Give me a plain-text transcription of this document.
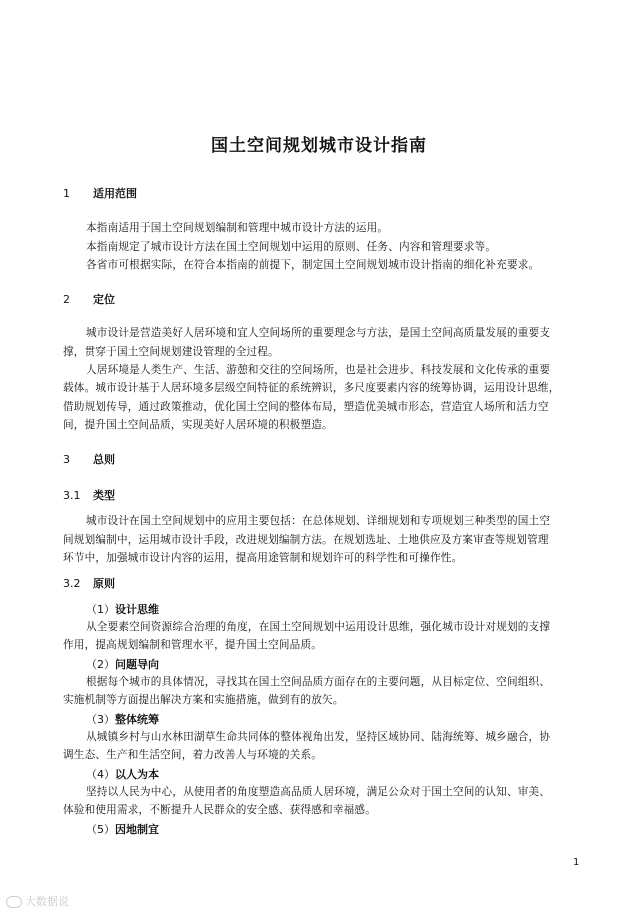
国土空间规划城市设计指南
1 适用范围
本指南适用于国土空间规划编制和管理中城市设计方法的运用。
本指南规定了城市设计方法在国土空间规划中运用的原则、任务、内容和管理要求等。
各省市可根据实际，在符合本指南的前提下，制定国土空间规划城市设计指南的细化补充要求。
2 定位
城市设计是营造美好人居环境和宜人空间场所的重要理念与方法，是国土空间高质量发展的重要支
撑，贯穿于国土空间规划建设管理的全过程。
人居环境是人类生产、生活、游憩和交往的空间场所，也是社会进步、科技发展和文化传承的重要
载体。城市设计基于人居环境多层级空间特征的系统辨识，多尺度要素内容的统筹协调，运用设计思维，
借助规划传导，通过政策推动，优化国土空间的整体布局，塑造优美城市形态，营造宜人场所和活力空
间，提升国土空间品质，实现美好人居环境的积极塑造。
3 总则
3.1 类型
城市设计在国土空间规划中的应用主要包括：在总体规划、详细规划和专项规划三种类型的国土空
间规划编制中，运用城市设计手段，改进规划编制方法。在规划选址、土地供应及方案审查等规划管理
环节中，加强城市设计内容的运用，提高用途管制和规划许可的科学性和可操作性。
3.2 原则
（1）设计思维
从全要素空间资源综合治理的角度，在国土空间规划中运用设计思维，强化城市设计对规划的支撑
作用，提高规划编制和管理水平，提升国土空间品质。
（2）问题导向
根据每个城市的具体情况，寻找其在国土空间品质方面存在的主要问题，从目标定位、空间组织、
实施机制等方面提出解决方案和实施措施，做到有的放矢。
（3）整体统筹
从城镇乡村与山水林田湖草生命共同体的整体视角出发，坚持区域协同、陆海统筹、城乡融合，协
调生态、生产和生活空间，着力改善人与环境的关系。
（4）以人为本
坚持以人民为中心，从使用者的角度塑造高品质人居环境，满足公众对于国土空间的认知、审美、
体验和使用需求，不断提升人民群众的安全感、获得感和幸福感。
（5）因地制宜
1
大数据说
